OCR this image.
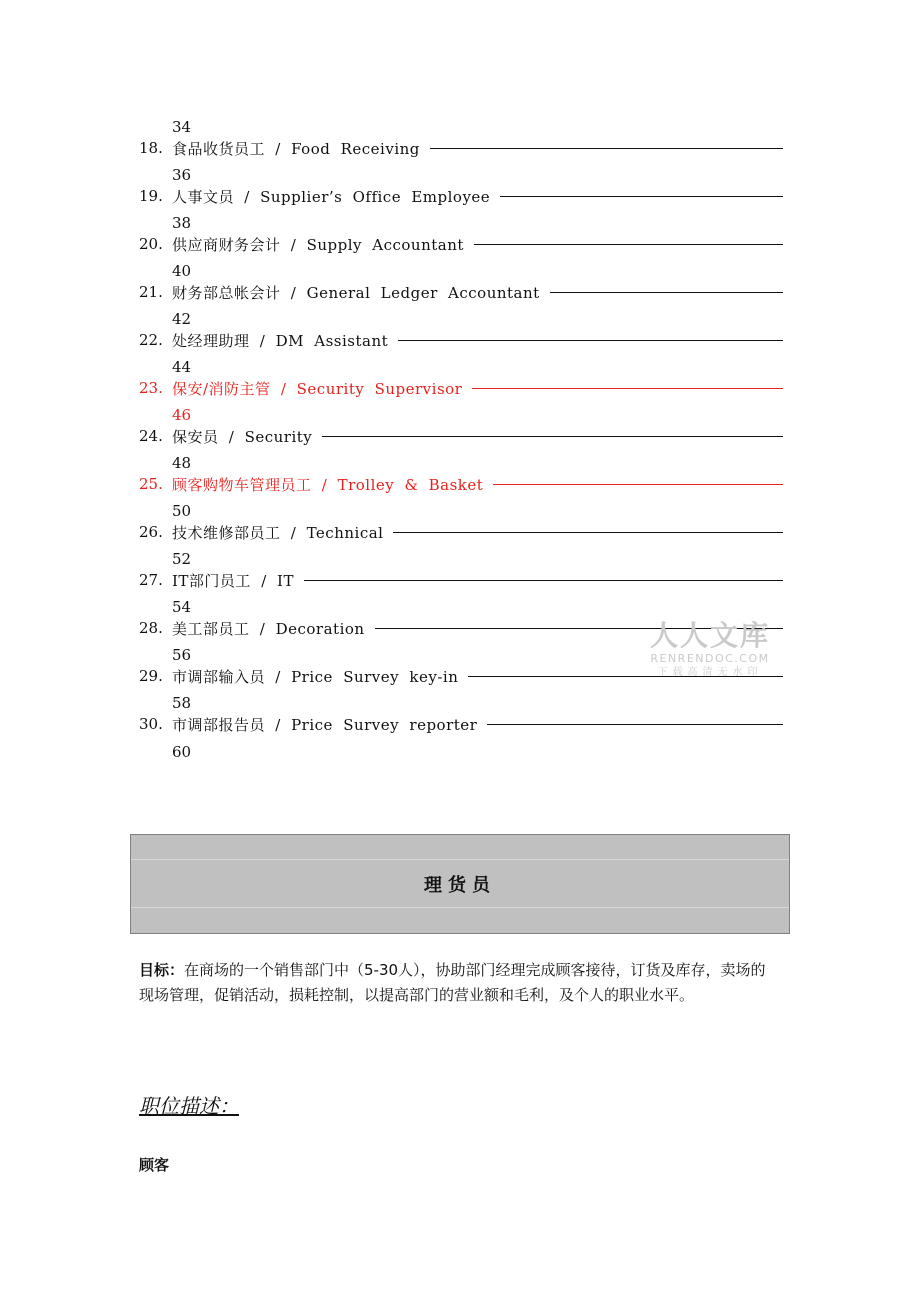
34
18. 食品收货员工 / Food Receiving
36
19. 人事文员 / Supplier’s Office Employee
38
20. 供应商财务会计 / Supply Accountant
40
21. 财务部总帐会计 / General Ledger Accountant
42
22. 处经理助理 / DM Assistant
44
23. 保安/消防主管 / Security Supervisor
46
24. 保安员 / Security
48
25. 顾客购物车管理员工 / Trolley & Basket
50
26. 技术维修部员工 / Technical
52
27. IT部门员工 / IT
54
28. 美工部员工 / Decoration
56
29. 市调部输入员 / Price Survey key-in
58
30. 市调部报告员 / Price Survey reporter
60
理货员
目标：在商场的一个销售部门中（5-30人），协助部门经理完成顾客接待，订货及库存，卖场的现场管理，促销活动，损耗控制，以提高部门的营业额和毛利，及个人的职业水平。
职位描述：
顾客
人人文库
RENRENDOC.COM
下载高清无水印
